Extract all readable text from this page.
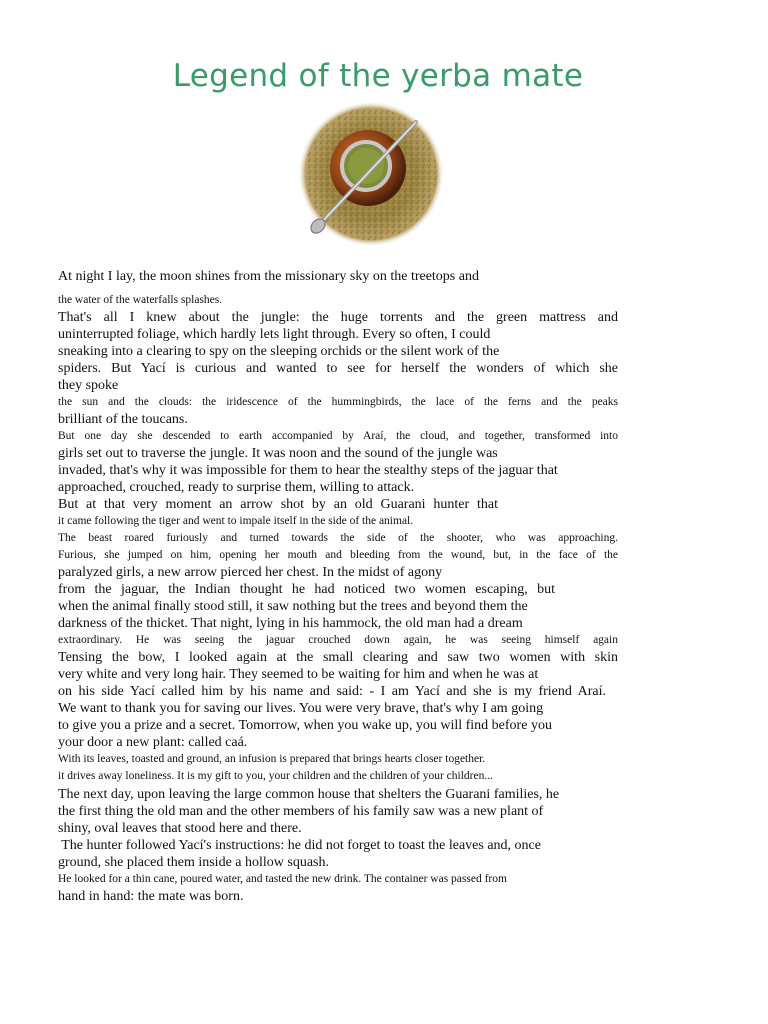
Legend of the yerba mate
At night I lay, the moon shines from the missionary sky on the treetops and
the water of the waterfalls splashes.
That's all I knew about the jungle: the huge torrents and the green mattress and
uninterrupted foliage, which hardly lets light through. Every so often, I could
sneaking into a clearing to spy on the sleeping orchids or the silent work of the
spiders. But Yací is curious and wanted to see for herself the wonders of which she
they spoke
the sun and the clouds: the iridescence of the hummingbirds, the lace of the ferns and the peaks
brilliant of the toucans.
But one day she descended to earth accompanied by Araí, the cloud, and together, transformed into
girls set out to traverse the jungle. It was noon and the sound of the jungle was
invaded, that's why it was impossible for them to hear the stealthy steps of the jaguar that
approached, crouched, ready to surprise them, willing to attack.
But at that very moment an arrow shot by an old Guarani hunter that
it came following the tiger and went to impale itself in the side of the animal.
The beast roared furiously and turned towards the side of the shooter, who was approaching.
Furious, she jumped on him, opening her mouth and bleeding from the wound, but, in the face of the
paralyzed girls, a new arrow pierced her chest. In the midst of agony
from the jaguar, the Indian thought he had noticed two women escaping, but
when the animal finally stood still, it saw nothing but the trees and beyond them the
darkness of the thicket. That night, lying in his hammock, the old man had a dream
extraordinary. He was seeing the jaguar crouched down again, he was seeing himself again
Tensing the bow, I looked again at the small clearing and saw two women with skin
very white and very long hair. They seemed to be waiting for him and when he was at
on his side Yací called him by his name and said: - I am Yací and she is my friend Araí.
We want to thank you for saving our lives. You were very brave, that's why I am going
to give you a prize and a secret. Tomorrow, when you wake up, you will find before you
your door a new plant: called caá.
With its leaves, toasted and ground, an infusion is prepared that brings hearts closer together.
it drives away loneliness. It is my gift to you, your children and the children of your children...
The next day, upon leaving the large common house that shelters the Guarani families, he
the first thing the old man and the other members of his family saw was a new plant of
shiny, oval leaves that stood here and there.
The hunter followed Yací's instructions: he did not forget to toast the leaves and, once
ground, she placed them inside a hollow squash.
He looked for a thin cane, poured water, and tasted the new drink. The container was passed from
hand in hand: the mate was born.
